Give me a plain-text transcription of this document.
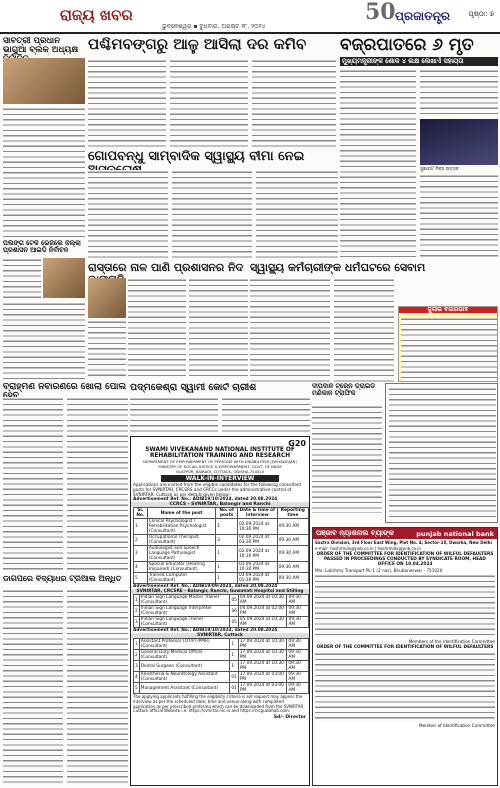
ରାଜ୍ୟ ଖବର
ଭୁବନେଶ୍ୱର ▪ ବୁଧବାର, ଅଗଷ୍ଟ ୨୮, ୨୦୨୪
50 ପ୍ରଜାତନ୍ତ୍ର	ପୃଷ୍ଠା: ୭
ସାବିତ୍ରୀ ପ୍ରଧାନ ଭାଗୁଆ ବ୍ଲକ ଅଧ୍ୟକ୍ଷ ପଶ୍ଚିମବଙ୍ଗରୁ ଆଳୁ ଆସିଲା ଦର କମିବ	ବଜ୍ରପାତରେ ୬ ମୃତ
ମୁଖ୍ୟମନ୍ତ୍ରୀଙ୍କ ଶୋକ ୪ ଲକ୍ଷ ଲେଖାଏଁ ସହାୟତା
ସୁଶାରଟ ଦିବସ ଉତ୍ସବ
ଗୋପବନ୍ଧୁ ସାମ୍ବାଦିକ ସ୍ୱାସ୍ଥ୍ୟ ବୀମା ନେଇ
ପିଲିଙ୍ଗ ଟେକି ଭେଜିଲେ ଜିଲ୍ଲା ପ୍ରଶାସନ ଆଇଡି ନିର୍ବାଚନ
ରାସ୍ତାରେ ନାଳ ପାଣି ପ୍ରଶାସନର ନିଦ ସ୍ୱାସ୍ଥ୍ୟ କର୍ମଚାରୀଙ୍କ ଧର୍ମଘଟରେ ସେବାମ
ଜୁଲାଇ ବଜାରଭାବ
ବ୍ରାହ୍ମଣ ନିବାରଣରେ ଖୋଲା ପୋଲ ପଦ୍ମକେଶ୍ରା ସ୍ୱାମୀ କୋର୍ଟ ଚାରୀଶ	ଦୀପଦାନ ଟ୍ରେନ ଡ୍ରାଇଡି ମଣିକାନ ଟ୍ରାଫିକ
ଡାଗପରେ ବିଦ୍ୟାଧର ଟ୍ରିଆଲ ଅନ୍ଧିତ
G20
SWAMI VIVEKANAND NATIONAL INSTITUTE OF
REHABILITATION TRAINING AND RESEARCH
DEPARTMENT OF EMPOWERMENT OF PERSONS WITH DISABILITIES (DIVYANGJAN)
MINISTRY OF SOCIAL JUSTICE & EMPOWERMENT, GOVT. OF INDIA
OLATPUR, BAIRAOI, CUTTACK, ODISHA-754010
WALK-IN-INTERVIEW
Applications are invited from the eligible candidates for the following consultant posts for SVNIRTAR, CRCSRS and CRCCs under the administrative control of SVNIRTAR, Cuttack as per details given below:-
Advertisement Ref. No.: ADIB19/10/2024, dated 20.08.2024
CCRCS - SVNIRTAR, Balangir and Ranchi
Sl. No.	Name of the post	No. of posts	Date & time of interview	Reporting time
1	Clinical Psychologist / Rehabilitation Psychologist (Consultant)	1	02.09.2024 at 10:30 PM	09:30 AM
2	Occupational Therapist (Consultant)	3	02.09.2024 at 03:30 PM	09:30 AM
3	Audiologist and Speech Language Pathologist (Consultant)	1	02.09.2024 at 10:30 PM	09:30 AM
4	Special Educator (Hearing Impaired) (Consultant)	1	03.09.2024 at 10:30 PM	09:30 AM
5	Trained Computer (Consultant)	1	03.09.2024 at 01:30 PM	09:30 AM
Advertisement Ref. No.: ADIB19/09/2024, dated 20.08.2024
SVNIRTAR, CRCSRE - Balangir, Ranchi, Guwahati Hospital and Stilling
1	Indian Sign Language Master Trainer (Consultant)	05	04.09.2024 at 10:30 AM	09:30 AM
2	Indian Sign Language Interpreter (Consultant)	06	04.09.2024 at 02:00 PM	09:30 AM
3	Indian Sign Language Trainer (Consultant)	05	05.09.2024 at 10:30 AM	09:30 AM
Advertisement Ref. No.: ADIB19/10/2024, dated 20.08.2024
SVNIRTAR, Cuttack
1	Assistant Professor (OT/PT/PMR) (Consultant)	1	17.09.2024 at 10:30 PM	09:30 AM
2	General Duty Medical Officer (Consultant)	1	17.09.2024 at 10:30 PM	09:30 AM
3	Dental Surgeon (Consultant)	1	17.09.2024 at 10:30 PM	09:30 AM
4	Anesthesia & Neurotology Assistant (Consultant)	01	17.09.2024 at 03:00 PM	09:30 AM
5	Management Assistant (Consultant)	01	17.09.2024 at 03:00 PM	09:30 AM
The applying applicants fulfilling the eligibility criteria is set request may appear the interview as per the scheduled date, time and venue along with completed application as per prescribed proforma which can be downloaded from the SVNIRTAR, Cuttack official Website i.e. https://svnirtar.nic.in and https://crcguwahati.com.
Sd/- Director
ପଞ୍ଜାବ ନ୍ୟାଶନାଲ ବ୍ୟାଙ୍କ	punjab national bank
Sastra Division, 3rd Floor East Wing, Plot No. 4, Sector-10, Dwarka, New Delhi
e-mail: hoshrmidv@pnb.co.in | hoshrmidv@pnb.co.in
ORDER OF THE COMMITTEE FOR IDENTIFICATION OF WILFUL DEFAULTERS PASSED IN PROCEEDINGS CONDUCTED BY SYNDICATE ROOM, HEAD OFFICE ON 18.04.2024
M/s. Lakshmy Transport Pk-1 (2 nos), Bhubaneswar - 751020
Members of the Identification Committee
ORDER OF THE COMMITTEE FOR IDENTIFICATION OF WILFUL DEFAULTERS
Member of Identification Committee
